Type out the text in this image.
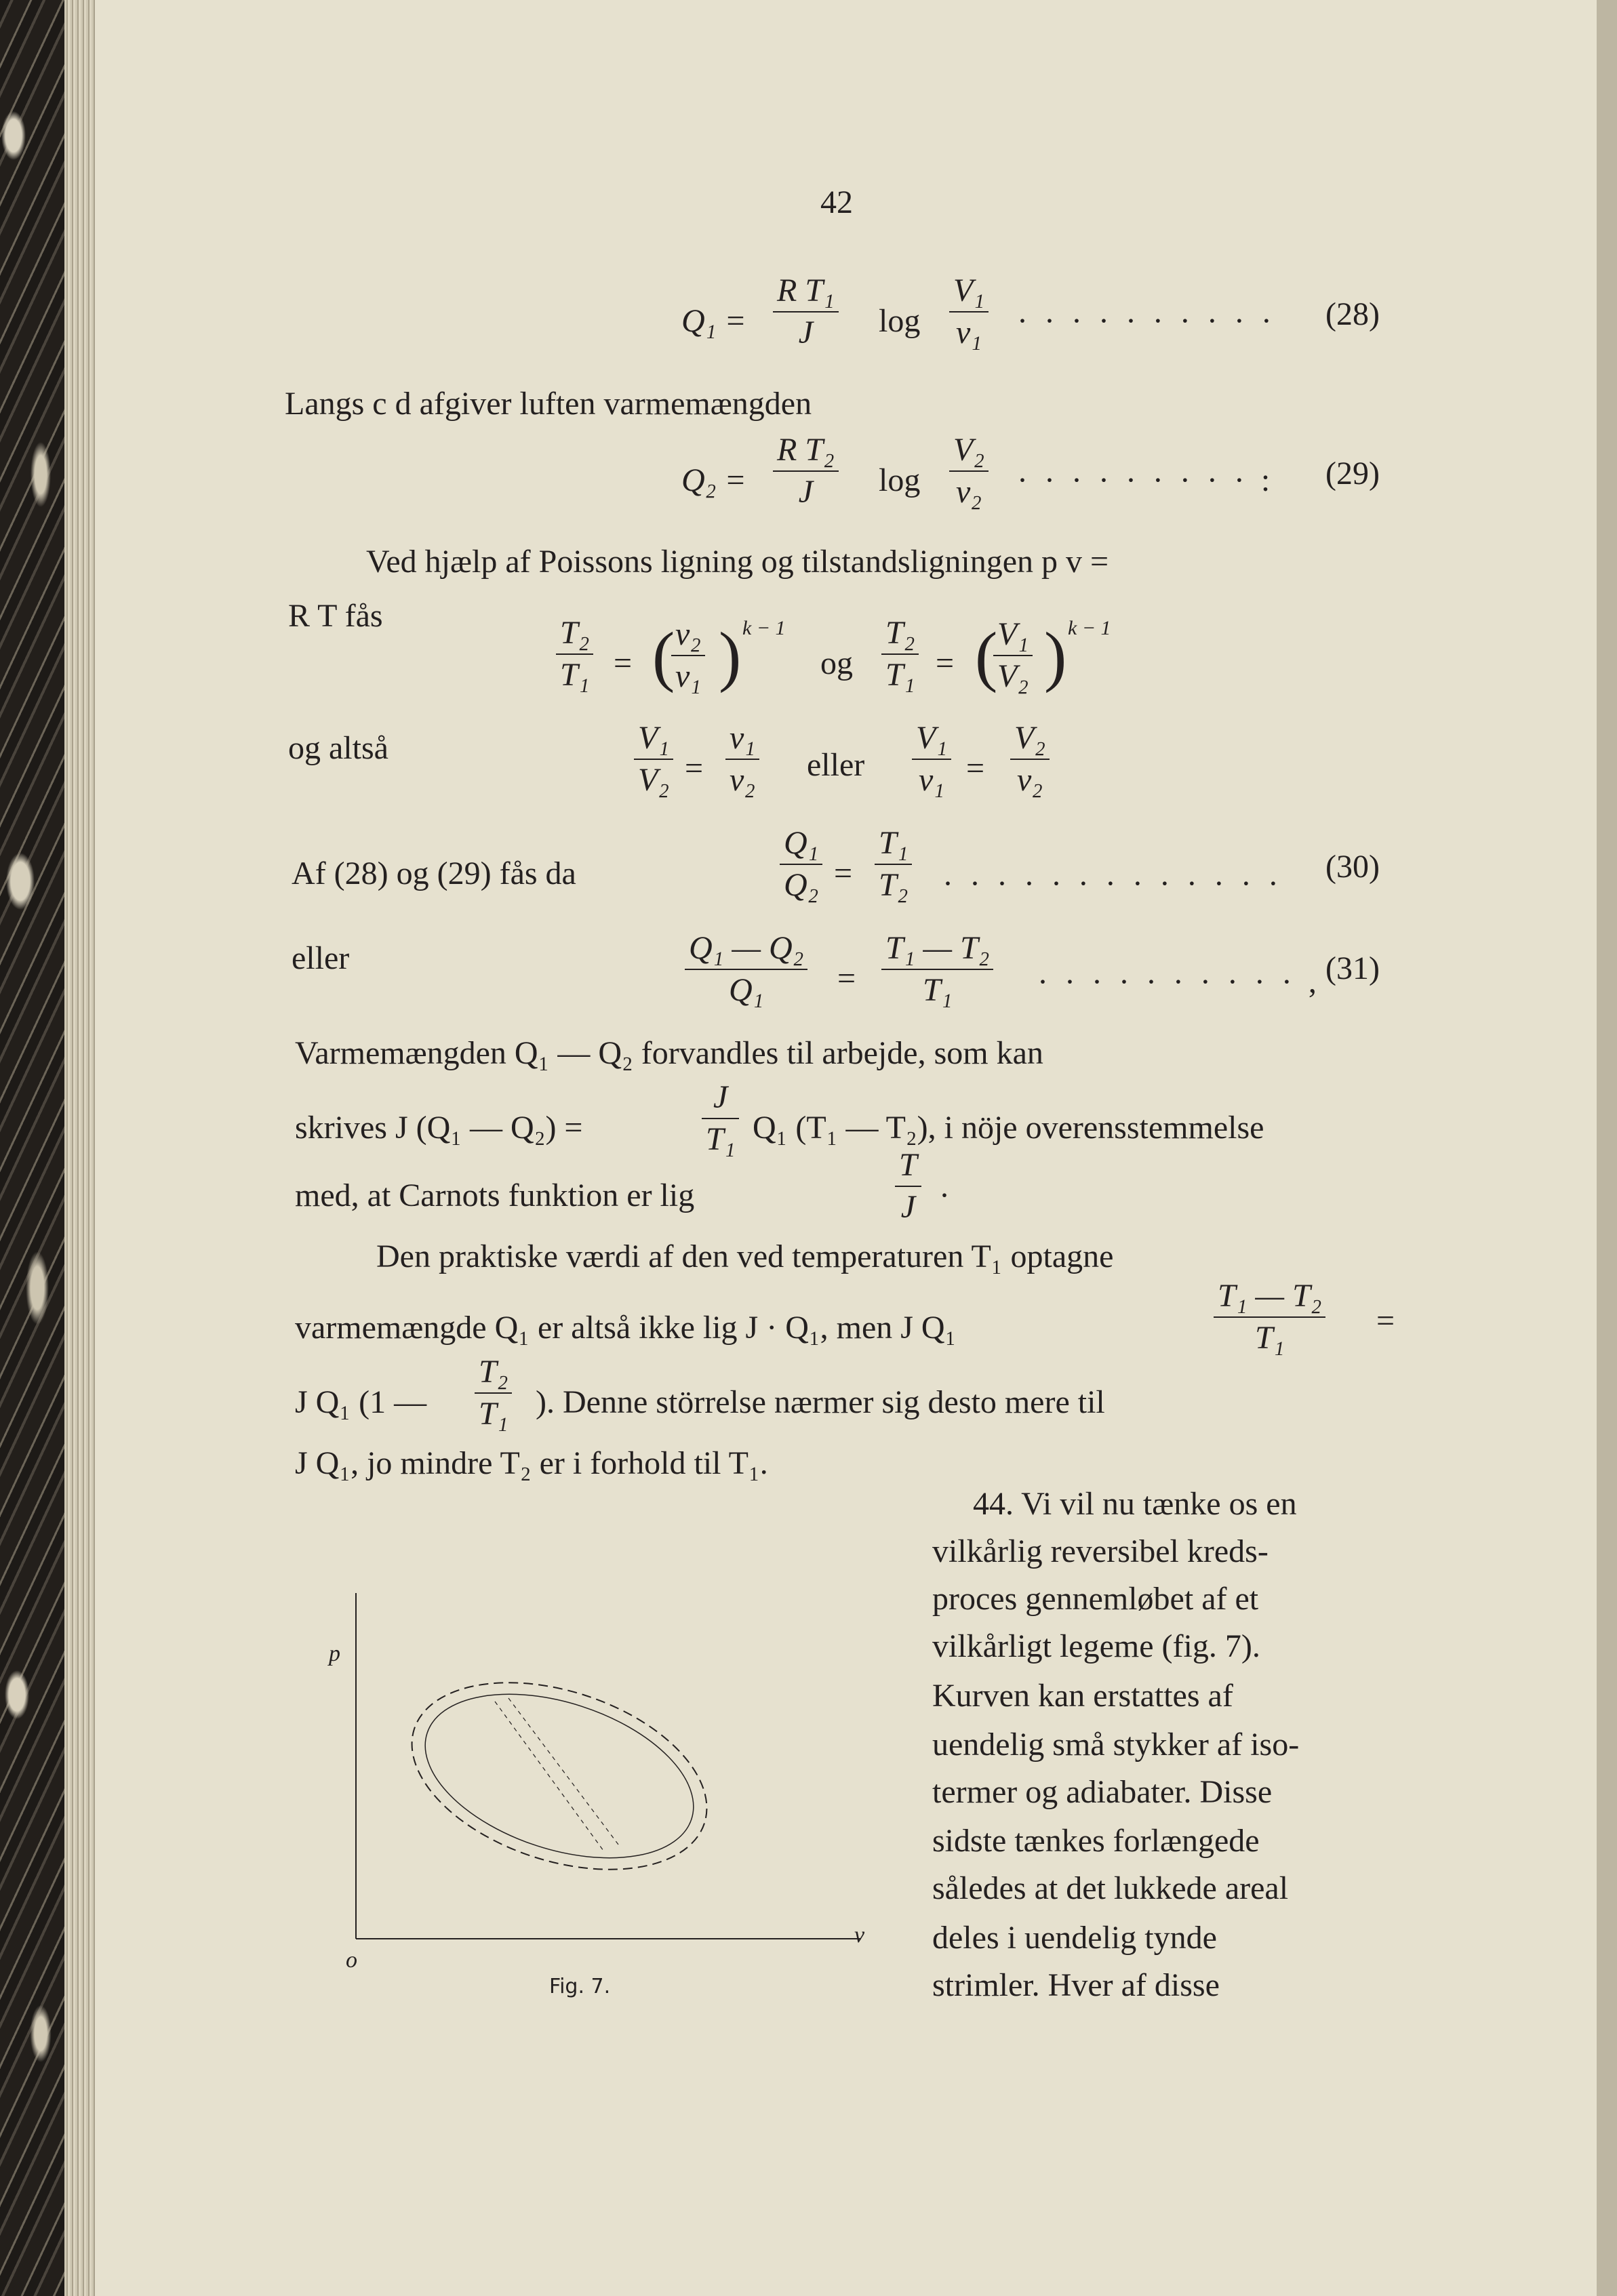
42
$Q_1 = \frac{\text{R T₁}}{J}$ $\log \frac{\text{V₁}}{\text{v₁}}$ · · · · · · · · · · (28)
Langs c d afgiver luften varmemængden
$Q_2 = \frac{\text{R T₂}}{J}$ $\log \frac{\text{V₂}}{\text{v₂}}$ · · · · · · · · · : (29)
Ved hjælp af Poissons ligning og tilstandsligningen p v =
R T fås
$\frac{\text{T₂}}{\text{T₁}}$ = (
$\frac{\text{v₂}}{\text{v₁}}$ ) k − 1
og $\frac{\text{T₂}}{\text{T₁}}$ = (
$\frac{\text{V₁}}{\text{V₂}}$ ) k − 1
og altså	$\frac{\text{V₁}}{\text{V₂}} = \frac{\text{v₁}}{\text{v₂}}$ eller $\frac{\text{V₁}}{\text{v₁}} = \frac{\text{V₂}}{\text{v₂}}$
Af (28) og (29) fås da	$\frac{\text{Q₁}}{\text{Q₂}} = \frac{\text{T₁}}{\text{T₂}}$ · · · · · · · · · · · · · (30)
eller	$\frac{\text{Q₁ — Q₂}}{\text{Q₁}} = \frac{\text{T₁ — T₂}}{\text{T₁}}$ · · · · · · · · · · , (31)
Varmemængden Q₁ — Q₂ forvandles til arbejde, som kan
skrives J (Q₁ — Q₂) =	$\frac{J}{\text{T₁}} Q_1$ (T₁ — T₂), i nöje overensstemmelse
med, at Carnots funktion er lig	$\frac{T}{J}$ ·
Den praktiske værdi af den ved temperaturen T₁ optagne
varmemængde Q₁ er altså ikke lig J · Q₁, men J Q₁	$\frac{\text{T₁ — T₂}}{\text{T₁}}$ =
J Q₁ (1 — $\frac{\text{T₂}}{\text{T₁}}$ ). Denne störrelse nærmer sig desto mere til
J Q₁, jo mindre T₂ er i forhold til T₁.
44. Vi vil nu tænke os en
vilkårlig reversibel kreds-
proces gennemløbet af et
vilkårligt legeme (fig. 7).
Kurven kan erstattes af
uendelig små stykker af iso-
termer og adiabater. Disse
sidste tænkes forlængede
således at det lukkede areal
deles i uendelig tynde
strimler. Hver af disse
p
v
o
Fig. 7.
